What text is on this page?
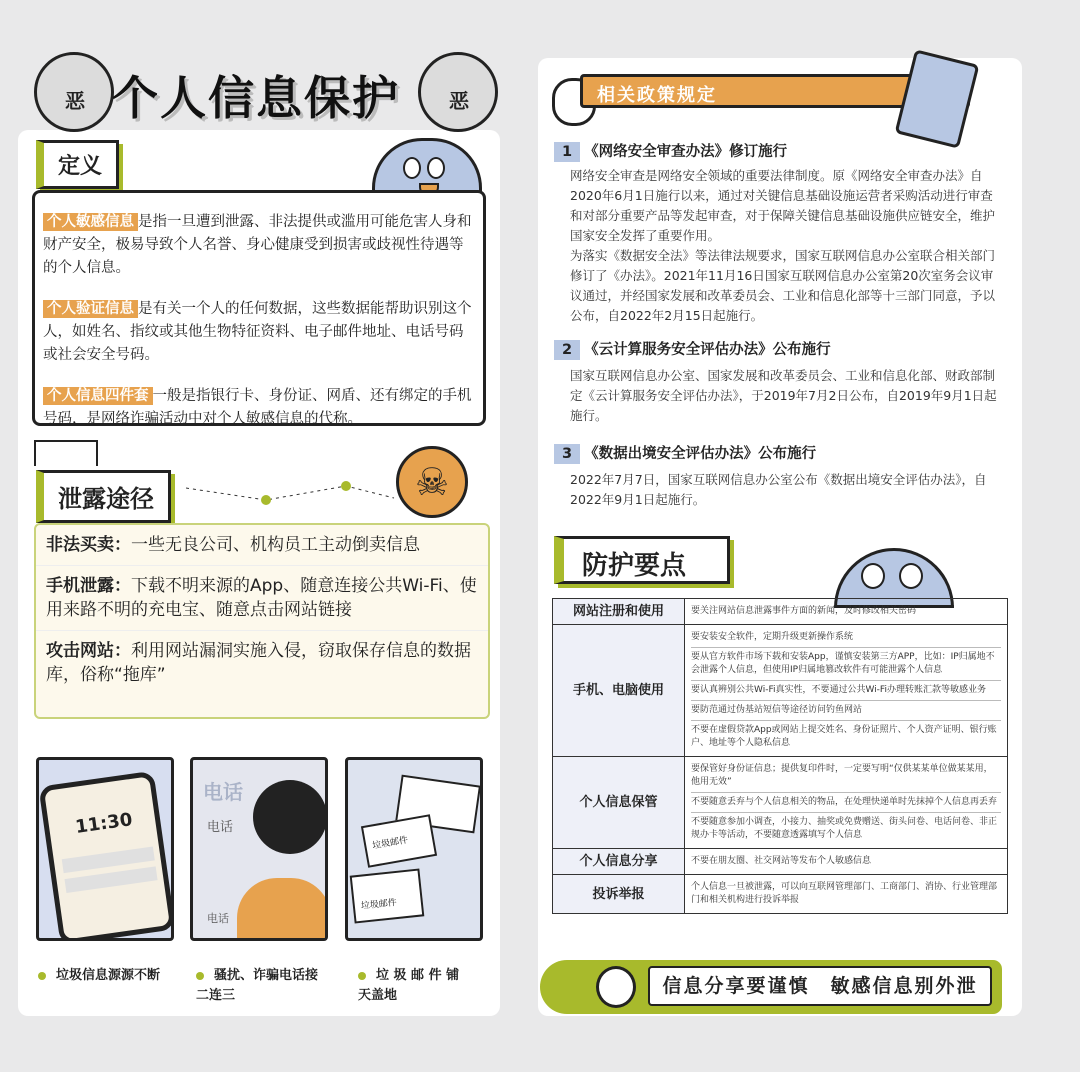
恶	恶
个人信息保护
定义

个人敏感信息 是指一旦遭到泄露、非法提供或滥用可能危害人身和财产安全，极易导致个人名誉、身心健康受到损害或歧视性待遇等的个人信息。

个人验证信息 是有关一个人的任何数据，这些数据能帮助识别这个人，如姓名、指纹或其他生物特征资料、电子邮件地址、电话号码或社会安全号码。

个人信息四件套 一般是指银行卡、身份证、网盾、还有绑定的手机号码，是网络诈骗活动中对个人敏感信息的代称。

泄露途径	☠
非法买卖：一些无良公司、机构员工主动倒卖信息
手机泄露：下载不明来源的App、随意连接公共Wi-Fi、使用来路不明的充电宝、随意点击网站链接
攻击网站：利用网站漏洞实施入侵，窃取保存信息的数据库，俗称“拖库”
11:30
电话
电话
电话
垃圾邮件
垃圾邮件
垃圾信息源源不断	骚扰、诈骗电话接二连三
垃 圾 邮 件 铺天盖地
相关政策规定
1 《网络安全审查办法》修订施行
网络安全审查是网络安全领域的重要法律制度。原《网络安全审查办法》自2020年6月1日施行以来，通过对关键信息基础设施运营者采购活动进行审查和对部分重要产品等发起审查，对于保障关键信息基础设施供应链安全，维护国家安全发挥了重要作用。
为落实《数据安全法》等法律法规要求，国家互联网信息办公室联合相关部门修订了《办法》。2021年11月16日国家互联网信息办公室第20次室务会议审议通过，并经国家发展和改革委员会、工业和信息化部等十三部门同意，予以公布，自2022年2月15日起施行。
2 《云计算服务安全评估办法》公布施行
国家互联网信息办公室、国家发展和改革委员会、工业和信息化部、财政部制定《云计算服务安全评估办法》，于2019年7月2日公布，自2019年9月1日起施行。
3 《数据出境安全评估办法》公布施行
2022年7月7日，国家互联网信息办公室公布《数据出境安全评估办法》，自2022年9月1日起施行。
防护要点
网站注册和使用	要关注网站信息泄露事件方面的新闻，及时修改相关密码

手机、电脑使用	要安装安全软件，定期升级更新操作系统
要从官方软件市场下载和安装App，谨慎安装第三方APP，比如：IP归属地不会泄露个人信息，但使用IP归属地篡改软件有可能泄露个人信息
要认真辨别公共Wi-Fi真实性，不要通过公共Wi-Fi办理转账汇款等敏感业务
要防范通过伪基站短信等途径访问钓鱼网站
不要在虚假贷款App或网站上提交姓名、身份证照片、个人资产证明、银行账户、地址等个人隐私信息

个人信息保管	要保管好身份证信息；提供复印件时，一定要写明“仅供某某单位做某某用，他用无效”
不要随意丢弃与个人信息相关的物品，在处理快递单时先抹掉个人信息再丢弃
不要随意参加小调查，小接力、抽奖或免费赠送、街头问卷、电话问卷、非正规办卡等活动，不要随意透露填写个人信息

个人信息分享	不要在朋友圈、社交网站等发布个人敏感信息

投诉举报	个人信息一旦被泄露，可以向互联网管理部门、工商部门、消协、行业管理部门和相关机构进行投诉举报
信息分享要谨慎　敏感信息别外泄
